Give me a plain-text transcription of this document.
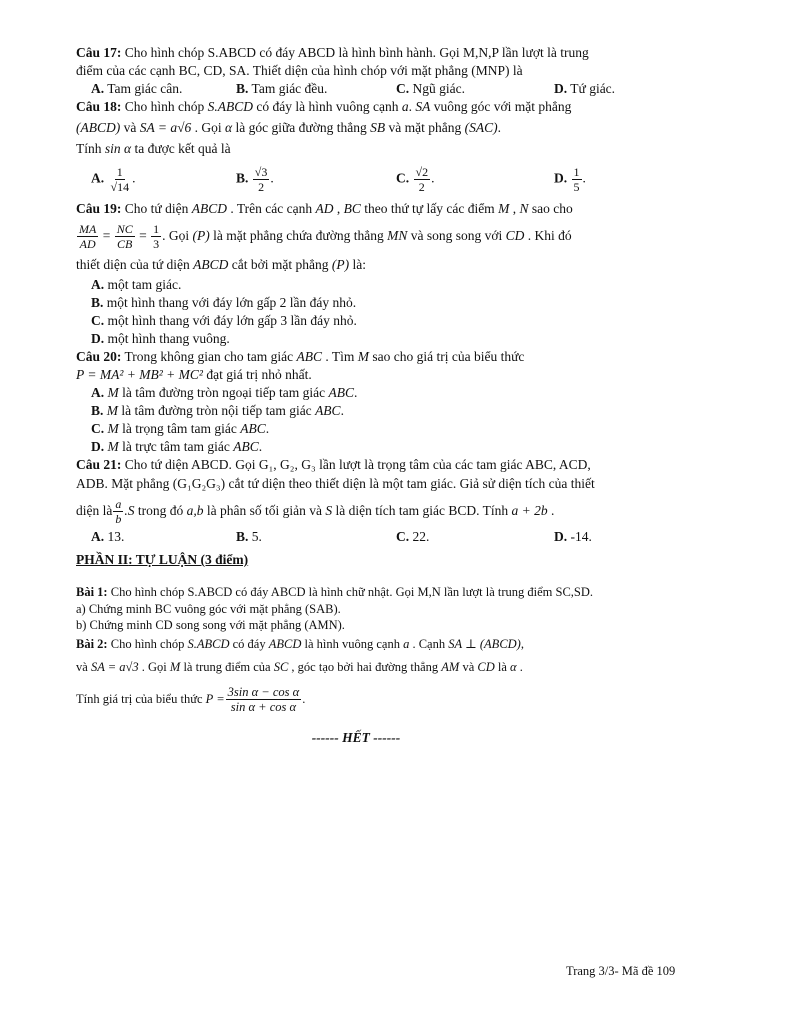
Câu 17: Cho hình chóp S.ABCD có đáy ABCD là hình bình hành. Gọi M,N,P lần lượt là trung
điểm của các cạnh BC, CD, SA. Thiết diện của hình chóp với mặt phẳng (MNP) là
A. Tam giác cân.	B. Tam giác đều.	C. Ngũ giác.	D. Tứ giác.
Câu 18: Cho hình chóp S.ABCD có đáy là hình vuông cạnh a. SA vuông góc với mặt phẳng
(ABCD) và SA = a√6 . Gọi α là góc giữa đường thẳng SB và mặt phẳng (SAC).
Tính sin α ta được kết quả là
A. $\frac{1}{√14}$ .	B. $\frac{√3}{2}$ .	C. $\frac{√2}{2}$ .	D. $\frac{1}{5}$ .
Câu 19: Cho tứ diện ABCD . Trên các cạnh AD , BC theo thứ tự lấy các điểm M , N sao cho
$\frac{MA}{AD} = \frac{NC}{CB} = \frac{1}{3}$ . Gọi (P) là mặt phẳng chứa đường thẳng MN và song song với CD . Khi đó
thiết diện của tứ diện ABCD cắt bởi mặt phẳng (P) là:
A. một tam giác.
B. một hình thang với đáy lớn gấp 2 lần đáy nhỏ.
C. một hình thang với đáy lớn gấp 3 lần đáy nhỏ.
D. một hình thang vuông.
Câu 20: Trong không gian cho tam giác ABC . Tìm M sao cho giá trị của biểu thức
P = MA² + MB² + MC² đạt giá trị nhỏ nhất.
A. M là tâm đường tròn ngoại tiếp tam giác ABC.
B. M là tâm đường tròn nội tiếp tam giác ABC.
C. M là trọng tâm tam giác ABC.
D. M là trực tâm tam giác ABC.
Câu 21: Cho tứ diện ABCD. Gọi G₁, G₂, G₃ lần lượt là trọng tâm của các tam giác ABC, ACD,
ADB. Mặt phẳng (G₁G₂G₃) cắt tứ diện theo thiết diện là một tam giác. Giả sử diện tích của thiết
diện là $\frac{a}{b} .S$ trong đó a,b là phân số tối giản và S là diện tích tam giác BCD. Tính a + 2b .
A. 13.	B. 5.	C. 22.	D. -14.
PHẦN II: TỰ LUẬN (3 điểm)
Bài 1: Cho hình chóp S.ABCD có đáy ABCD là hình chữ nhật. Gọi M,N lần lượt là trung điểm SC,SD.
a) Chứng minh BC vuông góc với mặt phẳng (SAB).
b) Chứng minh CD song song với mặt phẳng (AMN).
Bài 2: Cho hình chóp S.ABCD có đáy ABCD là hình vuông cạnh a . Cạnh SA ⊥ (ABCD),
và SA = a√3 . Gọi M là trung điểm của SC , góc tạo bởi hai đường thẳng AM và CD là α .
Tính giá trị của biểu thức $P = \frac{\text{3sin α − cos α}}{\text{sin α + cos α}}$ .
------ HẾT ------
Trang 3/3- Mã đề 109
